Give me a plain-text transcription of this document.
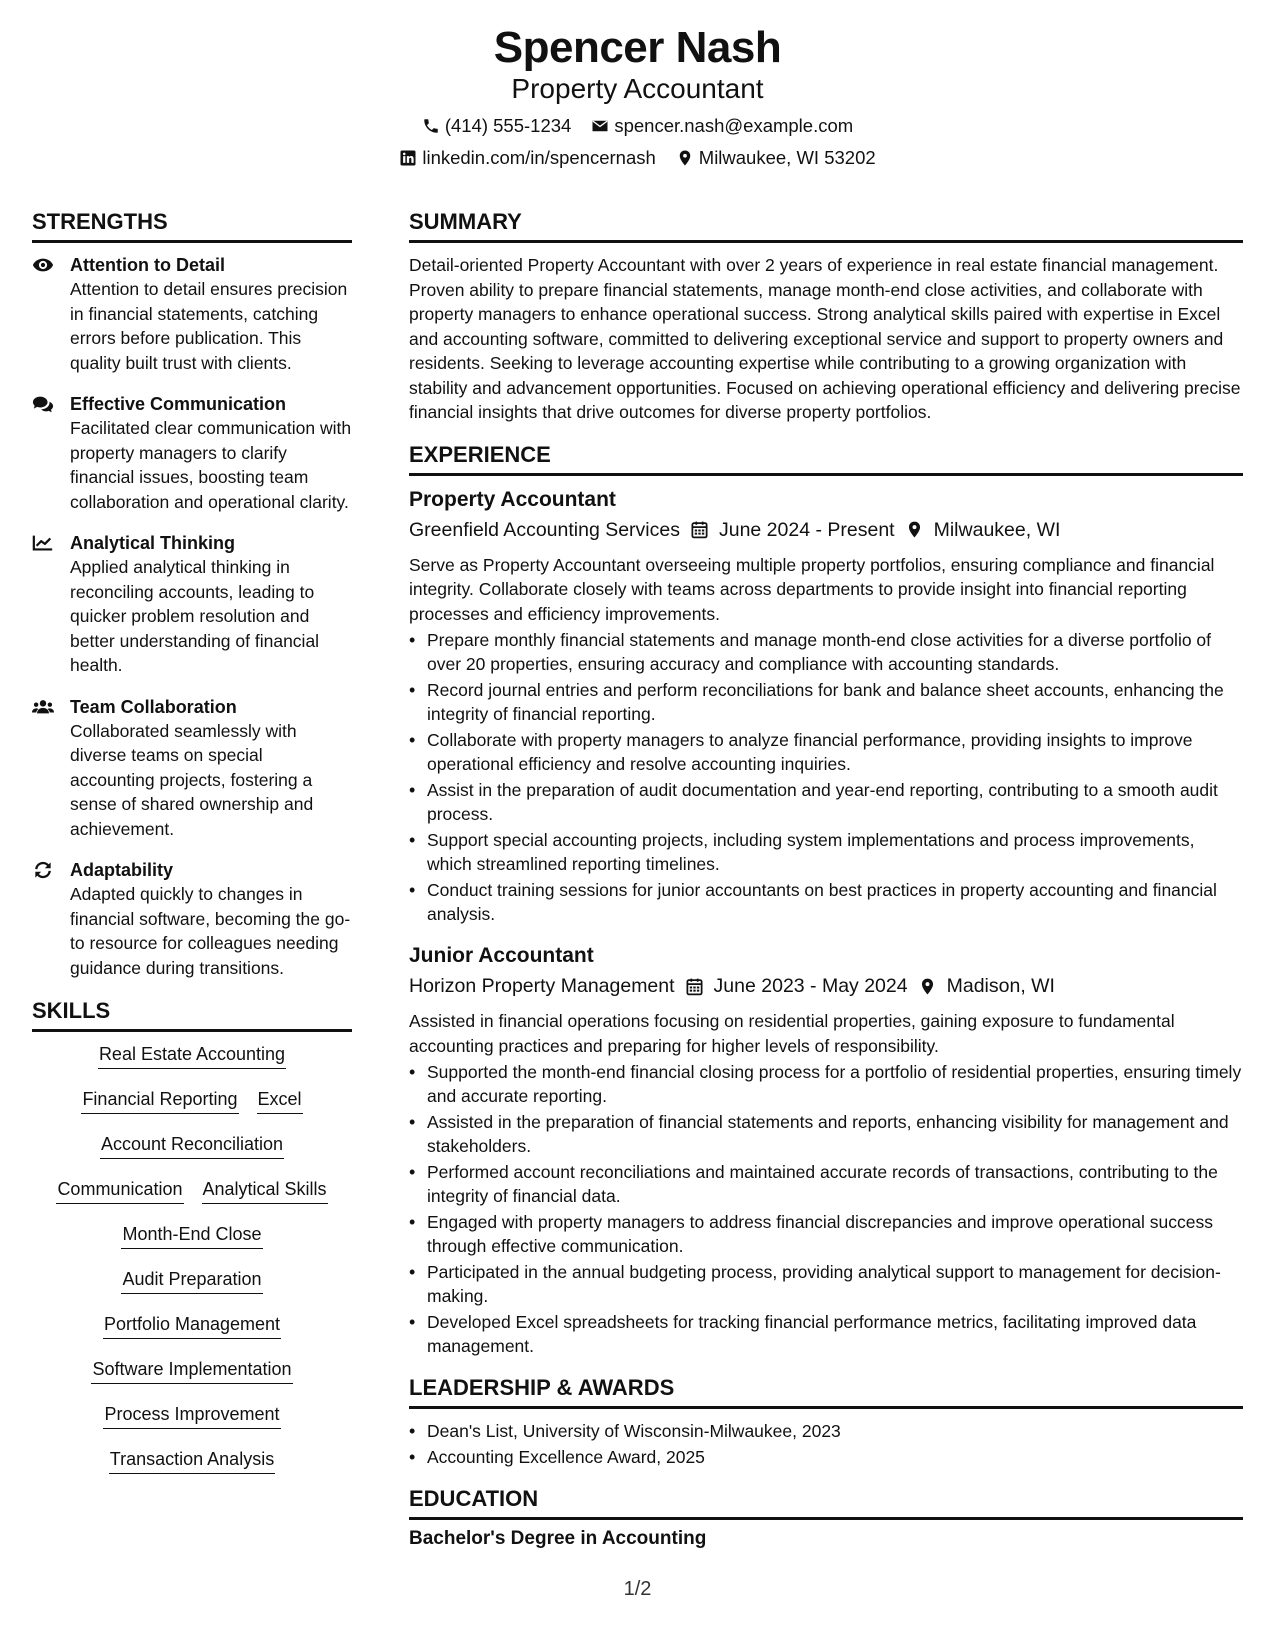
Spencer Nash
Property Accountant
(414) 555-1234 spencer.nash@example.com
linkedin.com/in/spencernash Milwaukee, WI 53202
STRENGTHS
Attention to Detail
Attention to detail ensures precision in financial statements, catching errors before publication. This quality built trust with clients.
Effective Communication
Facilitated clear communication with property managers to clarify financial issues, boosting team collaboration and operational clarity.
Analytical Thinking
Applied analytical thinking in reconciling accounts, leading to quicker problem resolution and better understanding of financial health.
Team Collaboration
Collaborated seamlessly with diverse teams on special accounting projects, fostering a sense of shared ownership and achievement.
Adaptability
Adapted quickly to changes in financial software, becoming the go-to resource for colleagues needing guidance during transitions.
SKILLS
Real Estate Accounting
Financial Reporting Excel
Account Reconciliation
Communication Analytical Skills
Month-End Close
Audit Preparation
Portfolio Management
Software Implementation
Process Improvement
Transaction Analysis
SUMMARY
Detail-oriented Property Accountant with over 2 years of experience in real estate financial management. Proven ability to prepare financial statements, manage month-end close activities, and collaborate with property managers to enhance operational success. Strong analytical skills paired with expertise in Excel and accounting software, committed to delivering exceptional service and support to property owners and residents. Seeking to leverage accounting expertise while contributing to a growing organization with stability and advancement opportunities. Focused on achieving operational efficiency and delivering precise financial insights that drive outcomes for diverse property portfolios.
EXPERIENCE
Property Accountant
Greenfield Accounting Services June 2024 - Present Milwaukee, WI
Serve as Property Accountant overseeing multiple property portfolios, ensuring compliance and financial integrity. Collaborate closely with teams across departments to provide insight into financial reporting processes and efficiency improvements.
• Prepare monthly financial statements and manage month-end close activities for a diverse portfolio of over 20 properties, ensuring accuracy and compliance with accounting standards.
• Record journal entries and perform reconciliations for bank and balance sheet accounts, enhancing the integrity of financial reporting.
• Collaborate with property managers to analyze financial performance, providing insights to improve operational efficiency and resolve accounting inquiries.
• Assist in the preparation of audit documentation and year-end reporting, contributing to a smooth audit process.
• Support special accounting projects, including system implementations and process improvements, which streamlined reporting timelines.
• Conduct training sessions for junior accountants on best practices in property accounting and financial analysis.
Junior Accountant
Horizon Property Management June 2023 - May 2024 Madison, WI
Assisted in financial operations focusing on residential properties, gaining exposure to fundamental accounting practices and preparing for higher levels of responsibility.
• Supported the month-end financial closing process for a portfolio of residential properties, ensuring timely and accurate reporting.
• Assisted in the preparation of financial statements and reports, enhancing visibility for management and stakeholders.
• Performed account reconciliations and maintained accurate records of transactions, contributing to the integrity of financial data.
• Engaged with property managers to address financial discrepancies and improve operational success through effective communication.
• Participated in the annual budgeting process, providing analytical support to management for decision-making.
• Developed Excel spreadsheets for tracking financial performance metrics, facilitating improved data management.
LEADERSHIP & AWARDS
• Dean's List, University of Wisconsin-Milwaukee, 2023
• Accounting Excellence Award, 2025
EDUCATION
Bachelor's Degree in Accounting
1/2
